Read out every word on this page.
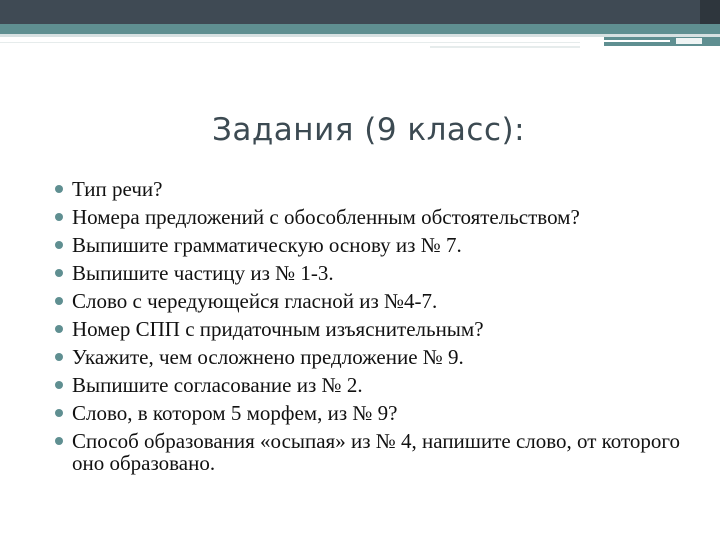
Задания (9 класс):
Тип речи?
Номера предложений с обособленным обстоятельством?
Выпишите грамматическую основу из № 7.
Выпишите частицу из № 1-3.
Слово с чередующейся гласной из №4-7.
Номер СПП с придаточным изъяснительным?
Укажите, чем осложнено предложение № 9.
Выпишите согласование из № 2.
Слово, в котором 5 морфем, из № 9?
Способ образования «осыпая» из № 4, напишите слово, от которого оно образовано.
